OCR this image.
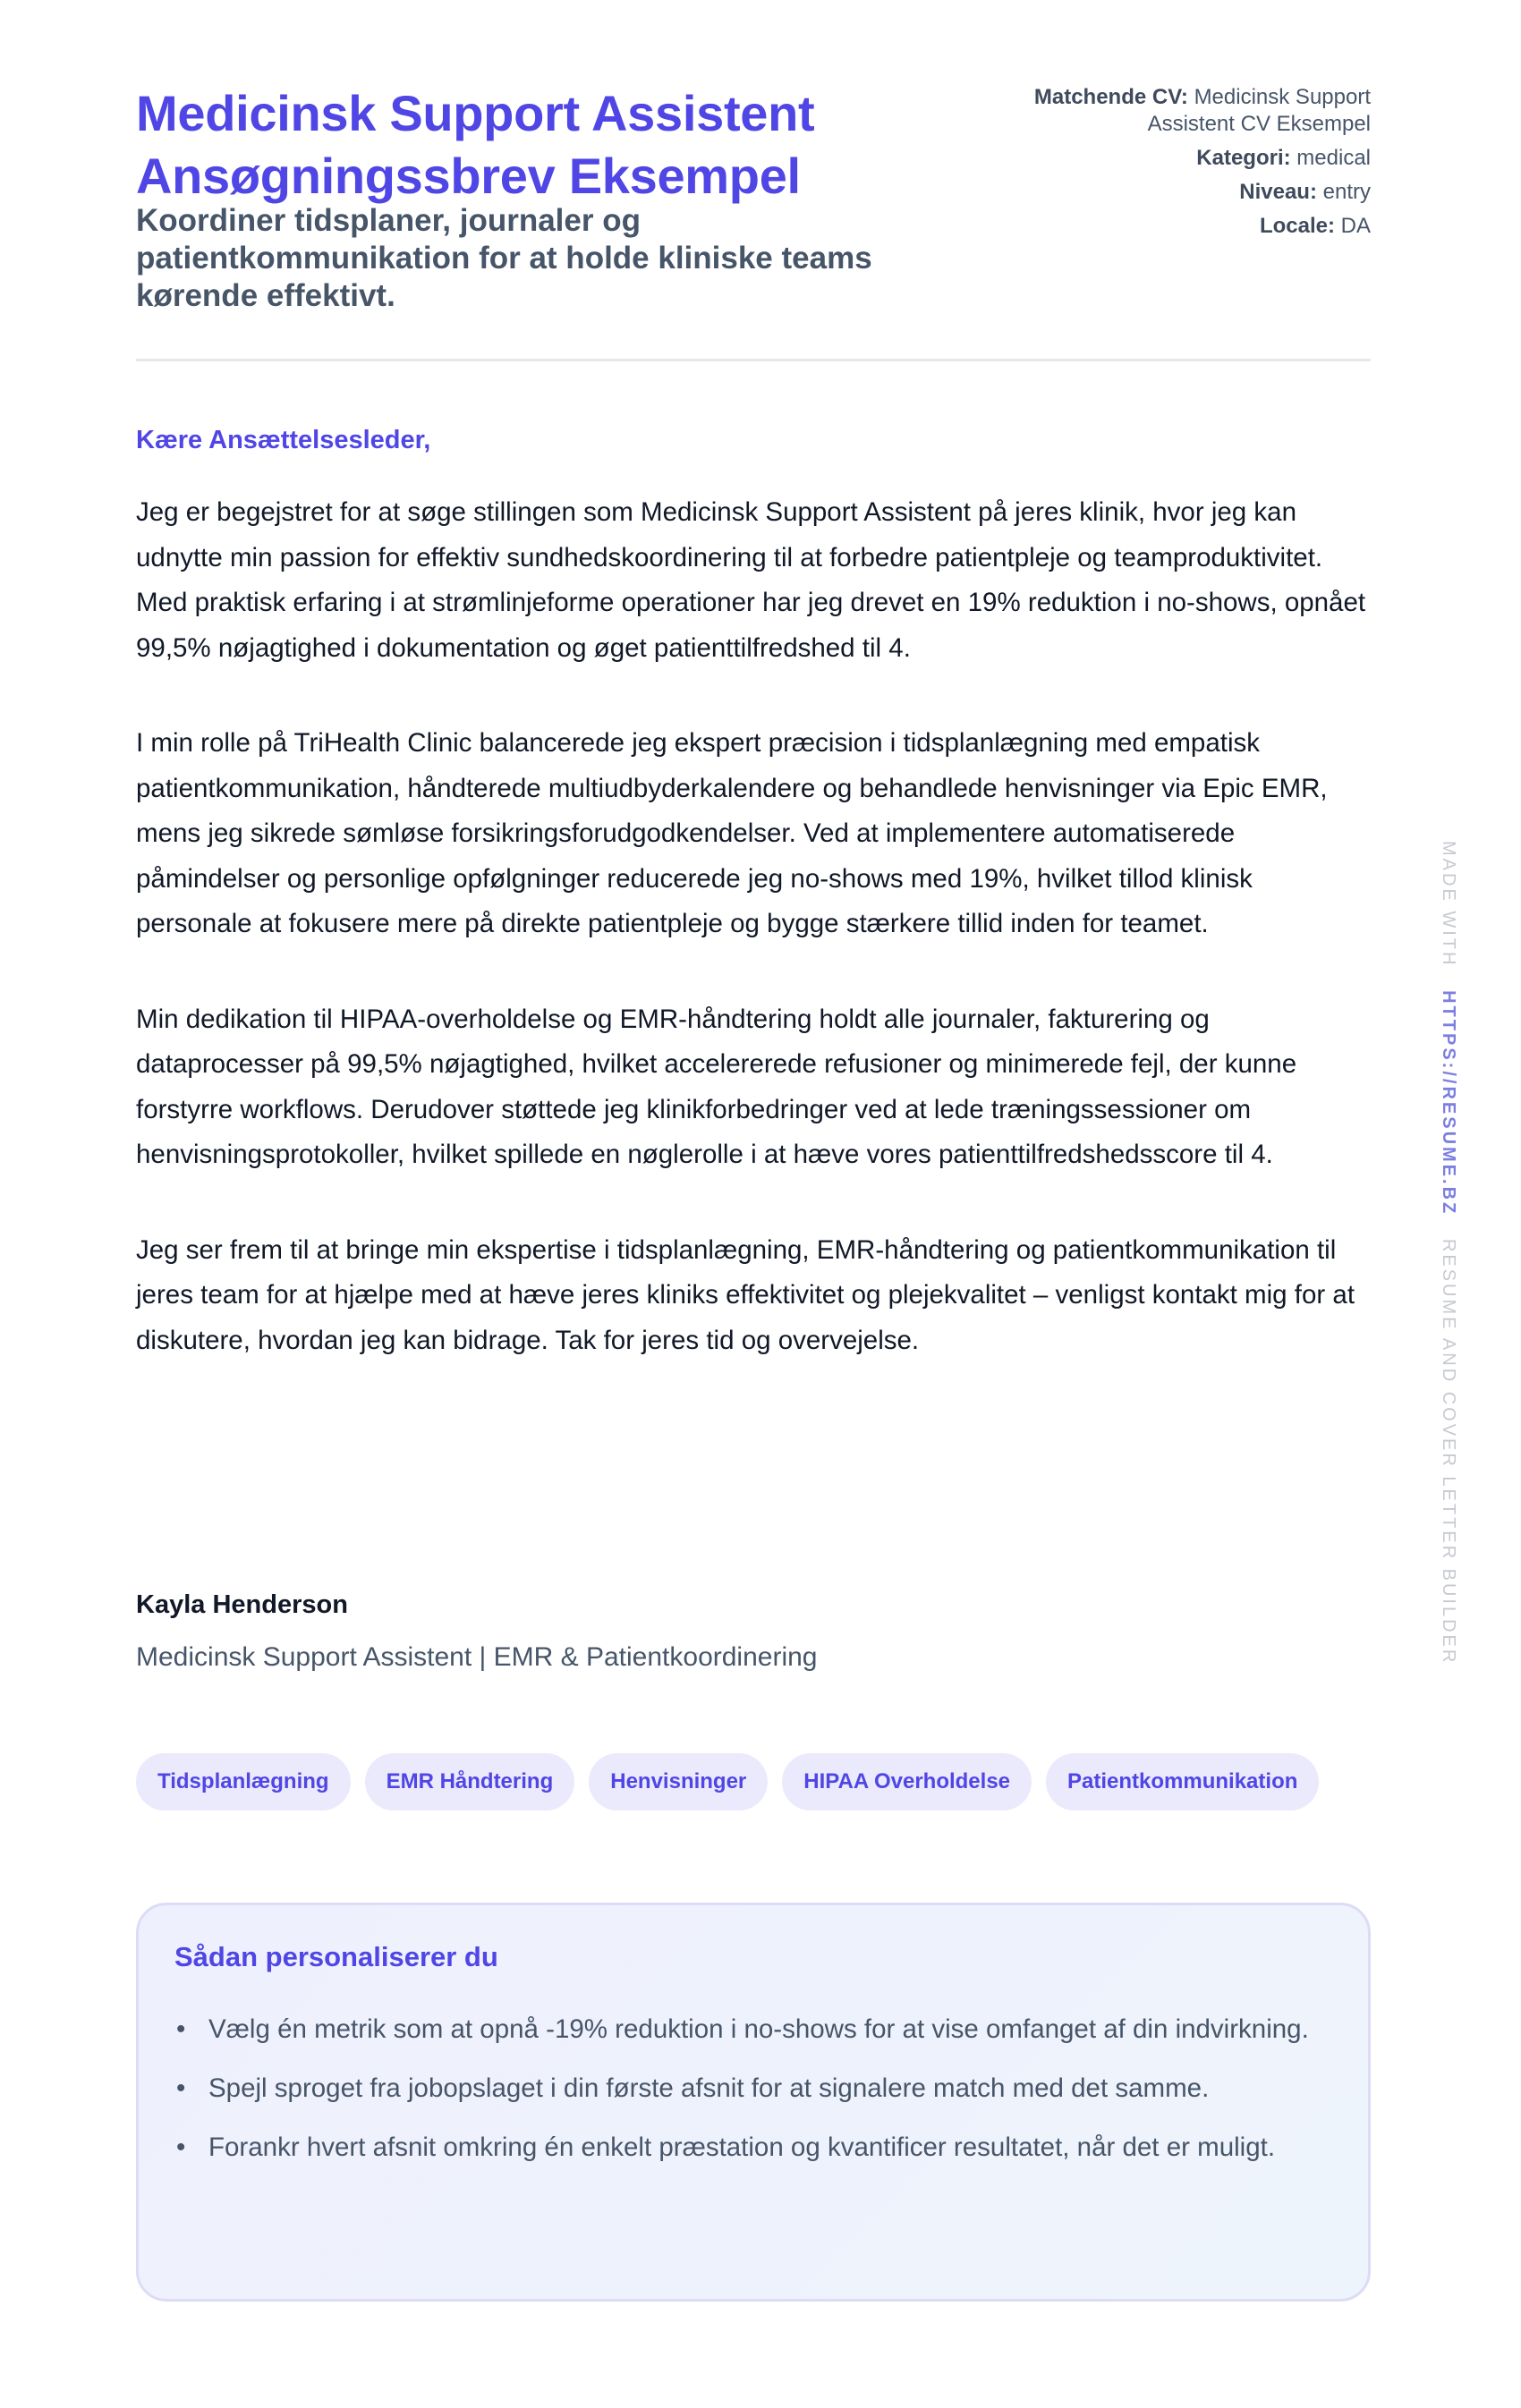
Medicinsk Support Assistent Ansøgningssbrev Eksempel
Koordiner tidsplaner, journaler og patientkommunikation for at holde kliniske teams kørende effektivt.
Matchende CV: Medicinsk Support Assistent CV Eksempel
Kategori: medical
Niveau: entry
Locale: DA
Kære Ansættelsesleder,

Jeg er begejstret for at søge stillingen som Medicinsk Support Assistent på jeres klinik, hvor jeg kan udnytte min passion for effektiv sundhedskoordinering til at forbedre patientpleje og teamproduktivitet. Med praktisk erfaring i at strømlinjeforme operationer har jeg drevet en 19% reduktion i no-shows, opnået 99,5% nøjagtighed i dokumentation og øget patienttilfredshed til 4.

I min rolle på TriHealth Clinic balancerede jeg ekspert præcision i tidsplanlægning med empatisk patientkommunikation, håndterede multiudbyderkalendere og behandlede henvisninger via Epic EMR, mens jeg sikrede sømløse forsikringsforudgodkendelser. Ved at implementere automatiserede påmindelser og personlige opfølgninger reducerede jeg no-shows med 19%, hvilket tillod klinisk personale at fokusere mere på direkte patientpleje og bygge stærkere tillid inden for teamet.

Min dedikation til HIPAA-overholdelse og EMR-håndtering holdt alle journaler, fakturering og dataprocesser på 99,5% nøjagtighed, hvilket accelererede refusioner og minimerede fejl, der kunne forstyrre workflows. Derudover støttede jeg klinikforbedringer ved at lede træningssessioner om henvisningsprotokoller, hvilket spillede en nøglerolle i at hæve vores patienttilfredshedsscore til 4.

Jeg ser frem til at bringe min ekspertise i tidsplanlægning, EMR-håndtering og patientkommunikation til jeres team for at hjælpe med at hæve jeres kliniks effektivitet og plejekvalitet – venligst kontakt mig for at diskutere, hvordan jeg kan bidrage. Tak for jeres tid og overvejelse.

Kayla Henderson
Medicinsk Support Assistent | EMR & Patientkoordinering
Tidsplanlægning	EMR Håndtering	Henvisninger	HIPAA Overholdelse	Patientkommunikation
Sådan personaliserer du
• Vælg én metrik som at opnå -19% reduktion i no-shows for at vise omfanget af din indvirkning.
• Spejl sproget fra jobopslaget i din første afsnit for at signalere match med det samme.
• Forankr hvert afsnit omkring én enkelt præstation og kvantificer resultatet, når det er muligt.
MADE WITH   HTTPS://RESUME.BZ   RESUME AND COVER LETTER BUILDER
